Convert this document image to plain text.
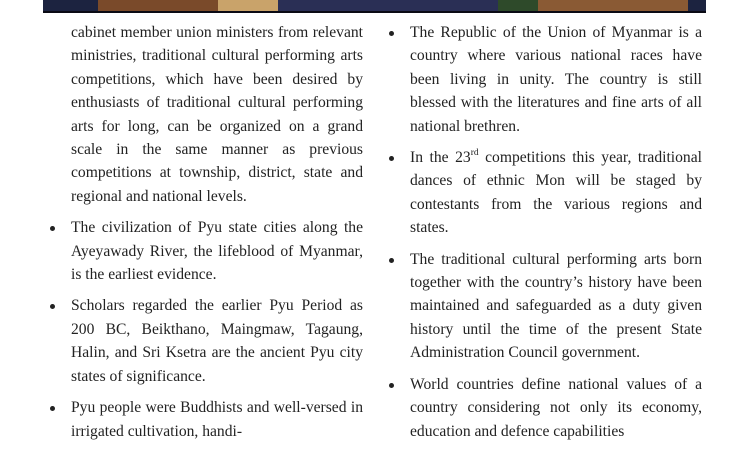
cabinet member union ministers from relevant ministries, traditional cultural performing arts competitions, which have been desired by enthusiasts of traditional cultural performing arts for long, can be organized on a grand scale in the same manner as previous competitions at township, district, state and regional and national levels.

The civilization of Pyu state cities along the Ayeyawady River, the lifeblood of Myanmar, is the earliest evidence.

Scholars regarded the earlier Pyu Period as 200 BC, Beikthano, Maingmaw, Tagaung, Halin, and Sri Ksetra are the ancient Pyu city states of significance.

Pyu people were Buddhists and well-versed in irrigated cultivation, handi-

The Republic of the Union of Myanmar is a country where various national races have been living in unity. The country is still blessed with the literatures and fine arts of all national brethren.

In the 23rd competitions this year, traditional dances of ethnic Mon will be staged by contestants from the various regions and states.

The traditional cultural performing arts born together with the country’s history have been maintained and safeguarded as a duty given history until the time of the present State Administration Council government.

World countries define national values of a country considering not only its economy, education and defence capabilities
